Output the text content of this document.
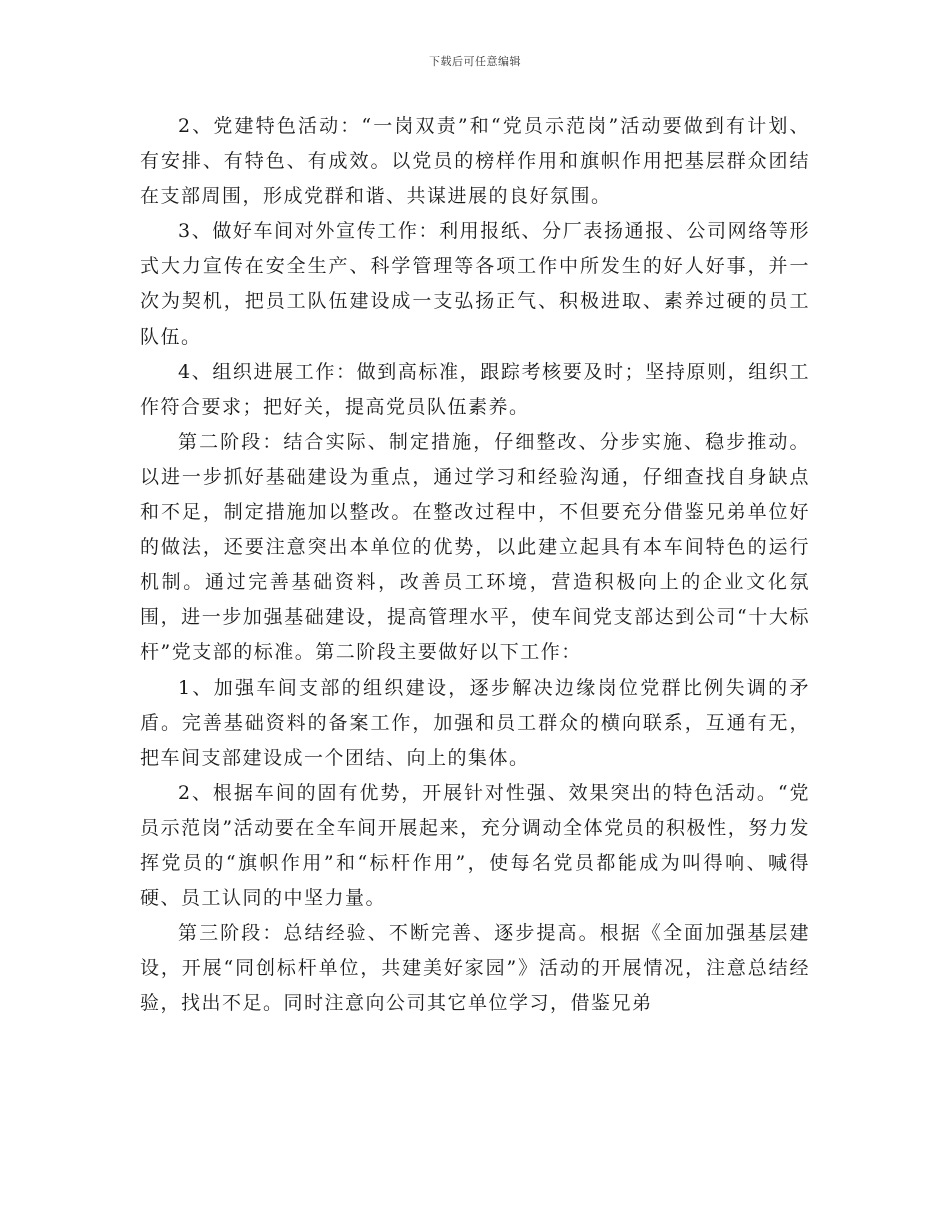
下载后可任意编辑

2、党建特色活动：“一岗双责”和“党员示范岗”活动要做到有计划、有安排、有特色、有成效。以党员的榜样作用和旗帜作用把基层群众团结在支部周围，形成党群和谐、共谋进展的良好氛围。

3、做好车间对外宣传工作：利用报纸、分厂表扬通报、公司网络等形式大力宣传在安全生产、科学管理等各项工作中所发生的好人好事，并一次为契机，把员工队伍建设成一支弘扬正气、积极进取、素养过硬的员工队伍。

4、组织进展工作：做到高标准，跟踪考核要及时；坚持原则，组织工作符合要求；把好关，提高党员队伍素养。

第二阶段：结合实际、制定措施，仔细整改、分步实施、稳步推动。以进一步抓好基础建设为重点，通过学习和经验沟通，仔细查找自身缺点和不足，制定措施加以整改。在整改过程中，不但要充分借鉴兄弟单位好的做法，还要注意突出本单位的优势，以此建立起具有本车间特色的运行机制。通过完善基础资料，改善员工环境，营造积极向上的企业文化氛围，进一步加强基础建设，提高管理水平，使车间党支部达到公司“十大标杆”党支部的标准。第二阶段主要做好以下工作：

1、加强车间支部的组织建设，逐步解决边缘岗位党群比例失调的矛盾。完善基础资料的备案工作，加强和员工群众的横向联系，互通有无，把车间支部建设成一个团结、向上的集体。

2、根据车间的固有优势，开展针对性强、效果突出的特色活动。“党员示范岗”活动要在全车间开展起来，充分调动全体党员的积极性，努力发挥党员的“旗帜作用”和“标杆作用”，使每名党员都能成为叫得响、喊得硬、员工认同的中坚力量。

第三阶段：总结经验、不断完善、逐步提高。根据《全面加强基层建设，开展“同创标杆单位，共建美好家园”》活动的开展情况，注意总结经验，找出不足。同时注意向公司其它单位学习，借鉴兄弟
